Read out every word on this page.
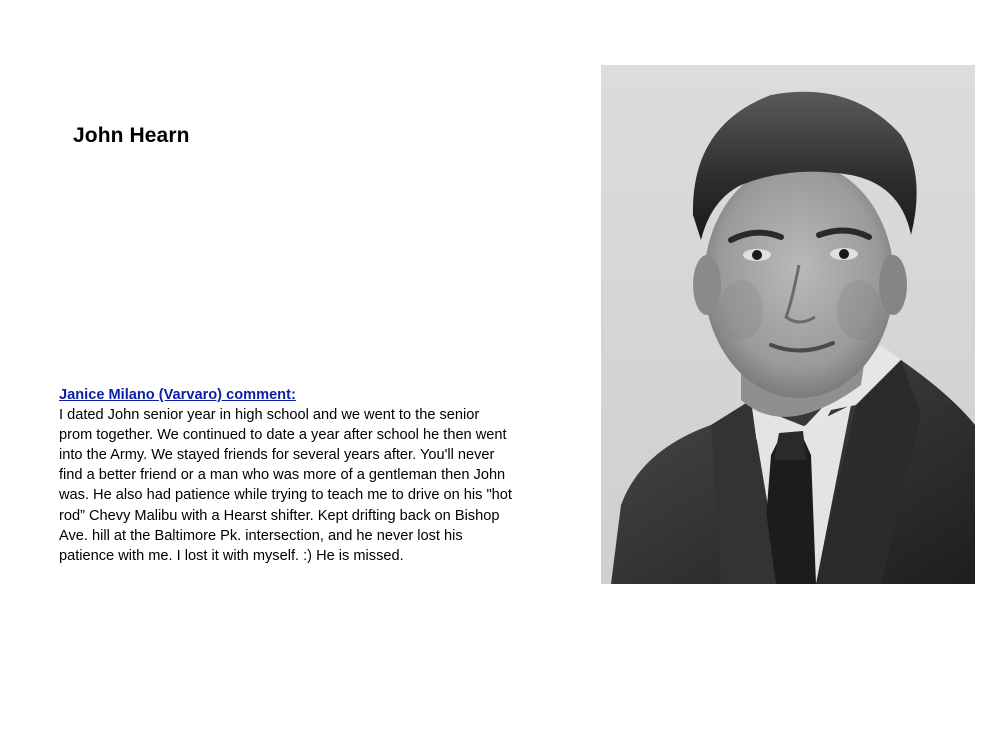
John Hearn
Janice Milano (Varvaro) comment:
I dated John senior year in high school and we went to the senior
prom together. We continued to date a year after school he then went
into the Army. We stayed friends for several years after. You'll never
find a better friend or a man who was more of a gentleman then John
was. He also had patience while trying to teach me to drive on his "hot
rod” Chevy Malibu with a Hearst shifter. Kept drifting back on Bishop
Ave. hill at the Baltimore Pk. intersection, and he never lost his
patience with me. I lost it with myself. :) He is missed.
